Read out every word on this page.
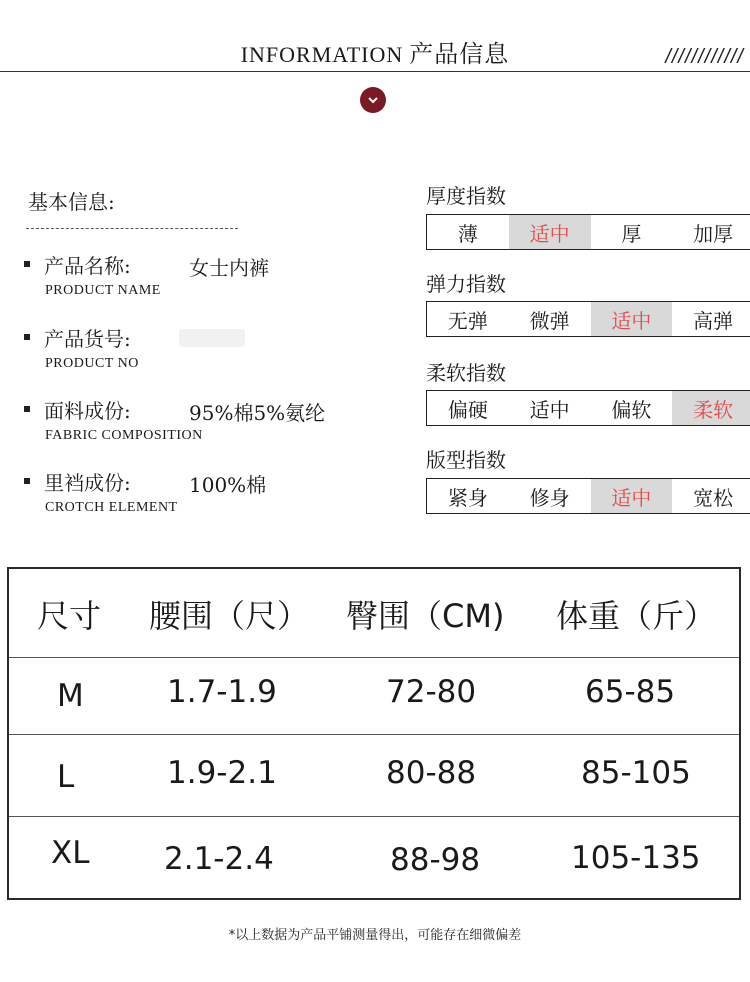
INFORMATION 产品信息	////////////
基本信息:
产品名称:	女士内裤
PRODUCT NAME
产品货号:
PRODUCT NO
面料成份:	95%棉5%氨纶
FABRIC COMPOSITION
里裆成份:	100%棉
CROTCH ELEMENT
厚度指数
薄	适中	厚	加厚
弹力指数
无弹	微弹	适中	高弹
柔软指数
偏硬	适中	偏软	柔软
版型指数
紧身	修身	适中	宽松
尺寸 腰围（尺） 臀围（CM) 体重（斤）
M	1.7-1.9	72-80	65-85
L	1.9-2.1	80-88	85-105
XL 2.1-2.4	88-98	105-135
*以上数据为产品平铺测量得出，可能存在细微偏差
